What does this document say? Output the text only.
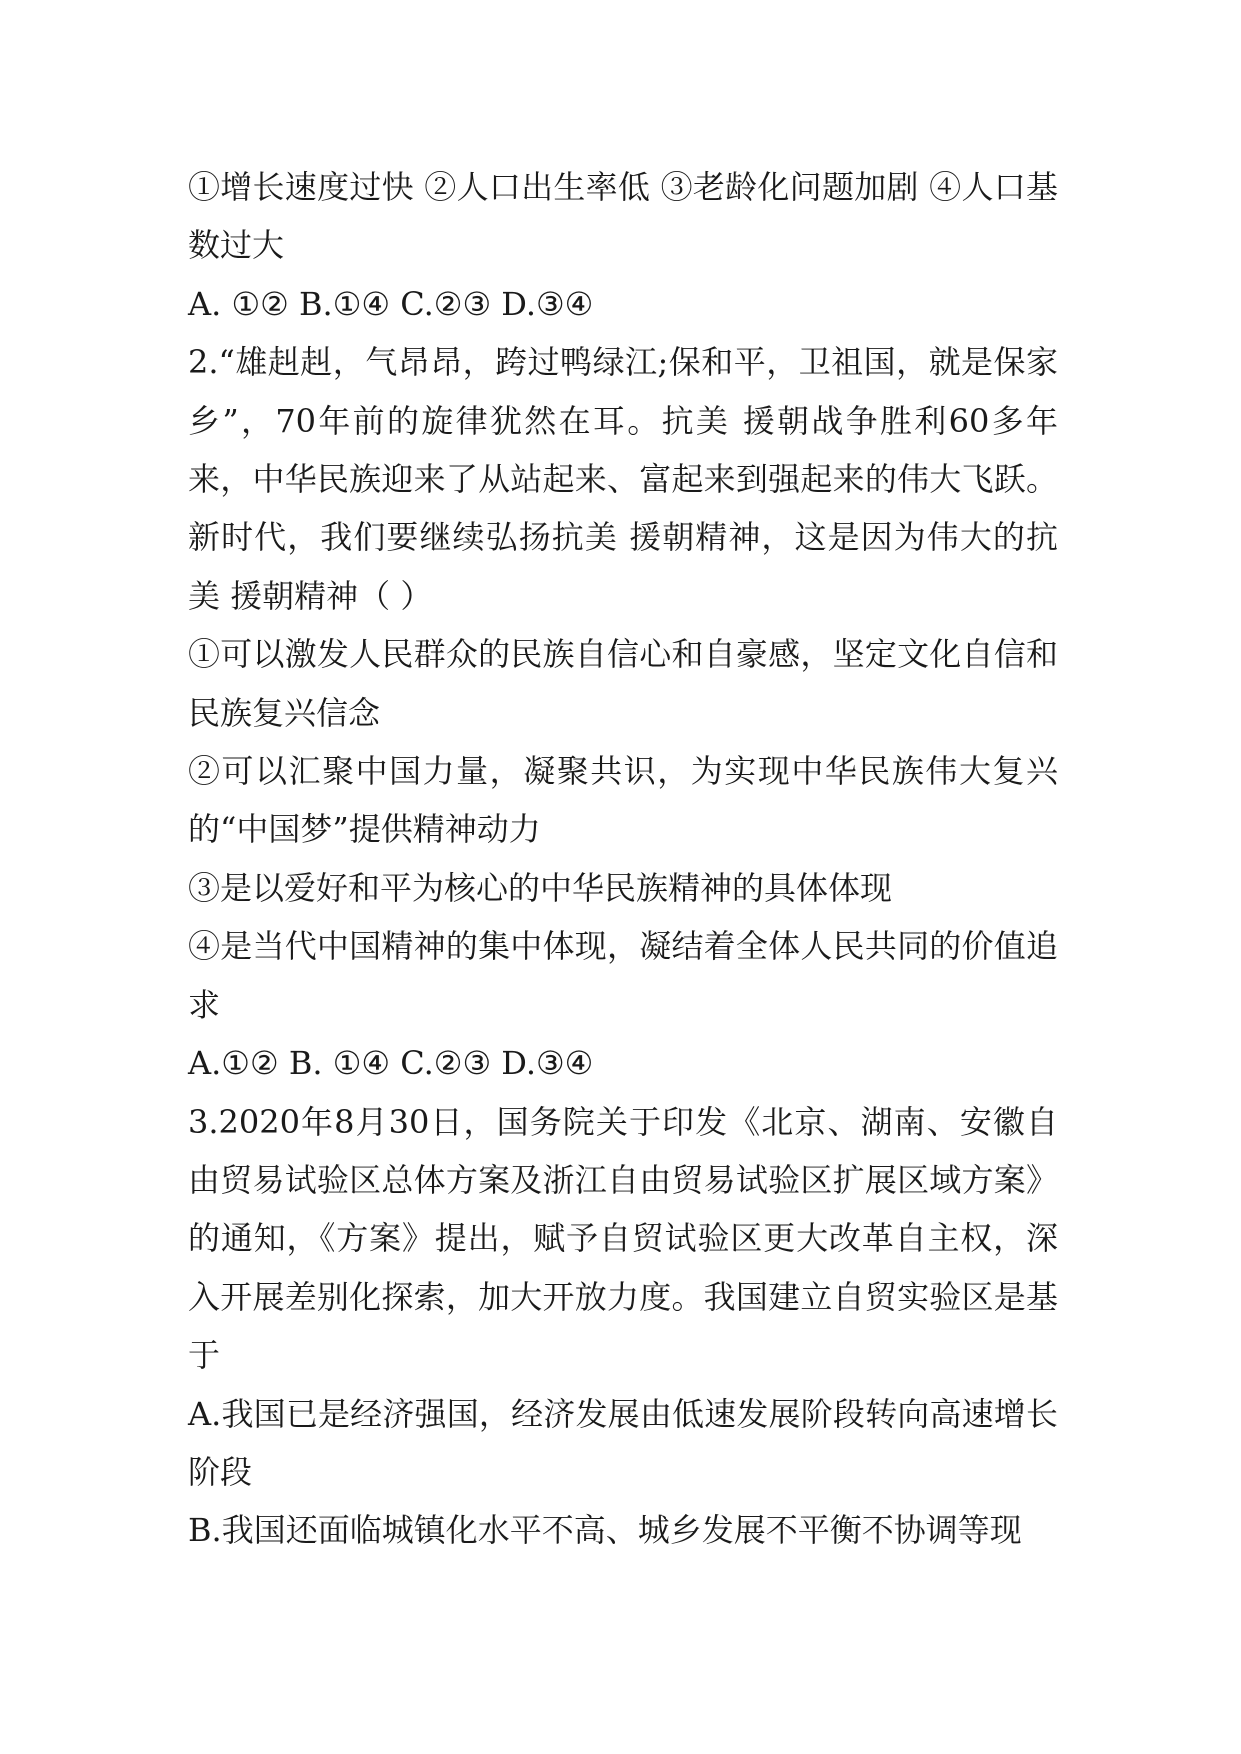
①增长速度过快 ②人口出生率低 ③老龄化问题加剧 ④人口基数过大

A. ①② B.①④ C.②③ D.③④

2.“雄赳赳，气昂昂，跨过鸭绿江;保和平，卫祖国，就是保家乡”，70年前的旋律犹然在耳。抗美 援朝战争胜利60多年来，中华民族迎来了从站起来、富起来到强起来的伟大飞跃。新时代，我们要继续弘扬抗美 援朝精神，这是因为伟大的抗美 援朝精神（ ）

①可以激发人民群众的民族自信心和自豪感，坚定文化自信和民族复兴信念

②可以汇聚中国力量，凝聚共识，为实现中华民族伟大复兴的“中国梦”提供精神动力

③是以爱好和平为核心的中华民族精神的具体体现

④是当代中国精神的集中体现，凝结着全体人民共同的价值追求

A.①② B. ①④ C.②③ D.③④

3.2020年8月30日，国务院关于印发《北京、湖南、安徽自由贸易试验区总体方案及浙江自由贸易试验区扩展区域方案》的通知，《方案》提出，赋予自贸试验区更大改革自主权，深入开展差别化探索，加大开放力度。我国建立自贸实验区是基于

A.我国已是经济强国，经济发展由低速发展阶段转向高速增长阶段

B.我国还面临城镇化水平不高、城乡发展不平衡不协调等现
